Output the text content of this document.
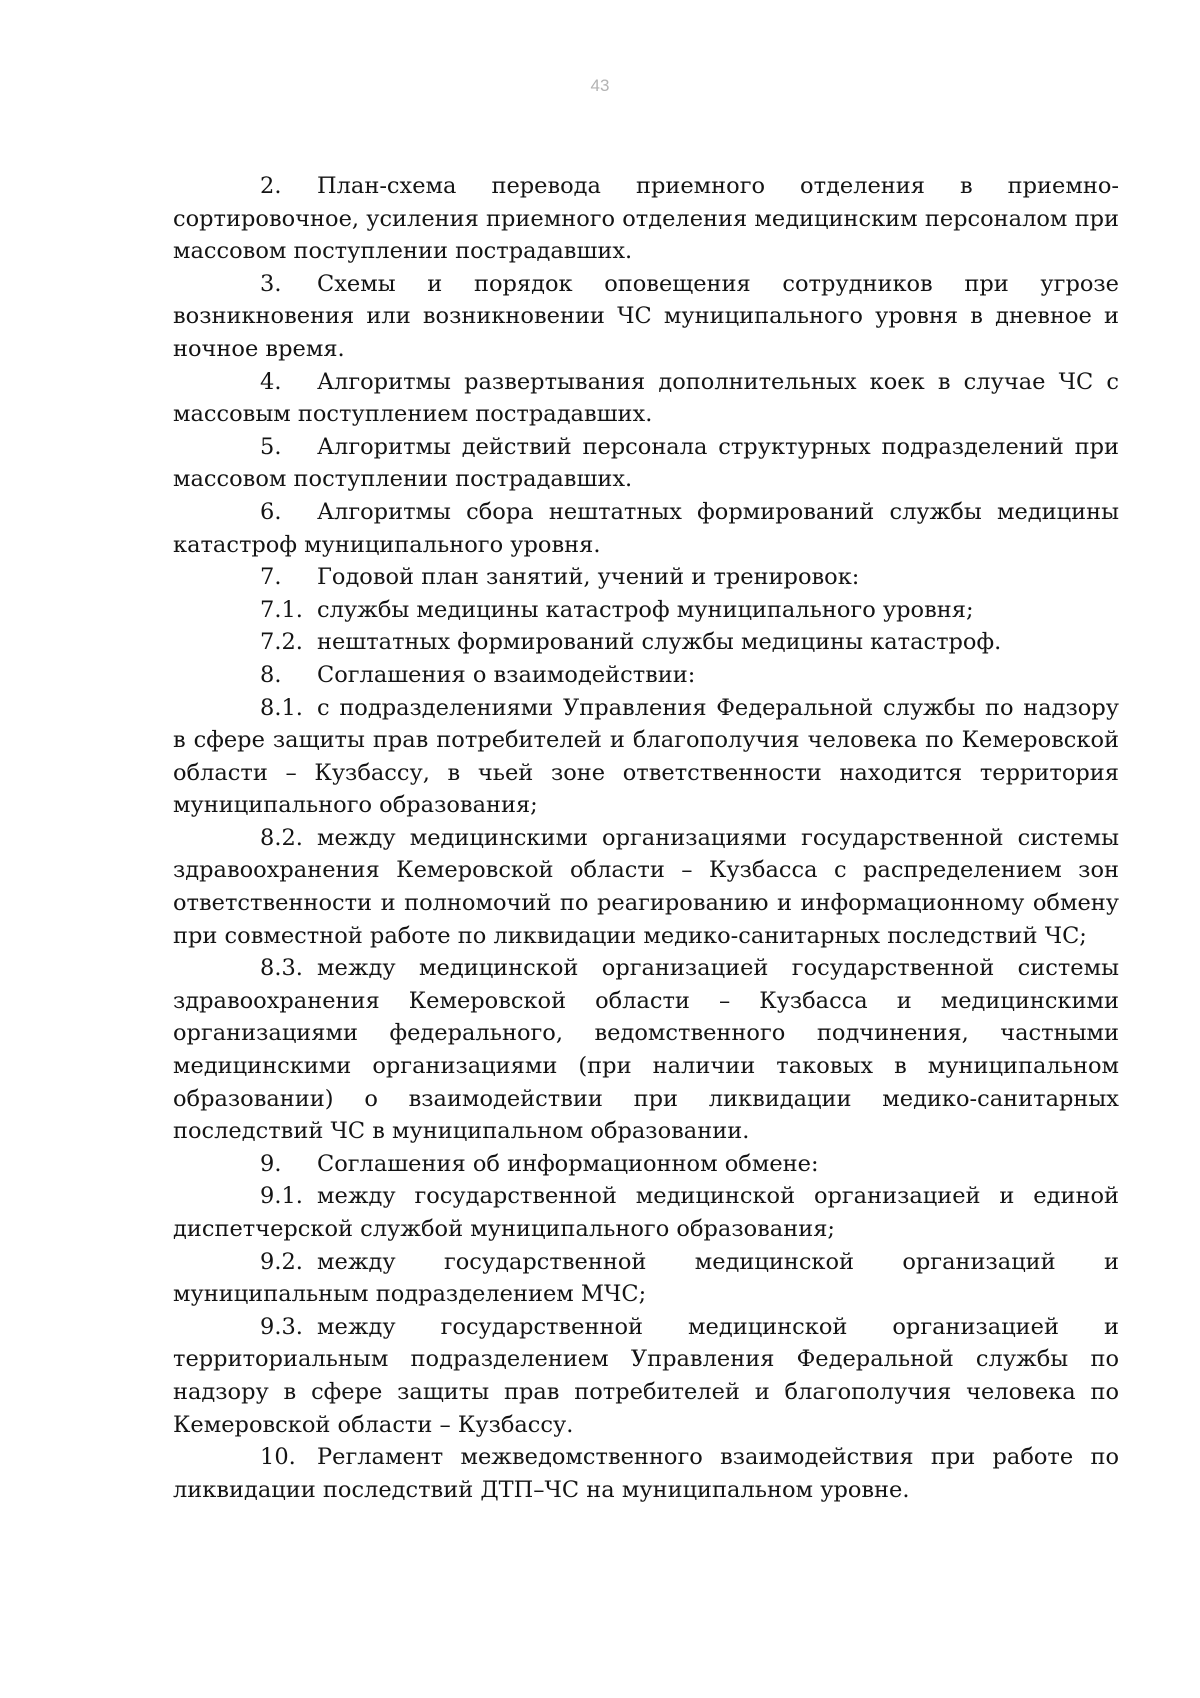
43

2. План-схема перевода приемного отделения в приемно-сортировочное, усиления приемного отделения медицинским персоналом при массовом поступлении пострадавших.

3. Схемы и порядок оповещения сотрудников при угрозе возникновения или возникновении ЧС муниципального уровня в дневное и ночное время.

4. Алгоритмы развертывания дополнительных коек в случае ЧС с массовым поступлением пострадавших.

5. Алгоритмы действий персонала структурных подразделений при массовом поступлении пострадавших.

6. Алгоритмы сбора нештатных формирований службы медицины катастроф муниципального уровня.

7. Годовой план занятий, учений и тренировок:

7.1. службы медицины катастроф муниципального уровня;

7.2. нештатных формирований службы медицины катастроф.

8. Соглашения о взаимодействии:

8.1. с подразделениями Управления Федеральной службы по надзору в сфере защиты прав потребителей и благополучия человека по Кемеровской области – Кузбассу, в чьей зоне ответственности находится территория муниципального образования;

8.2. между медицинскими организациями государственной системы здравоохранения Кемеровской области – Кузбасса с распределением зон ответственности и полномочий по реагированию и информационному обмену при совместной работе по ликвидации медико-санитарных последствий ЧС;

8.3. между медицинской организацией государственной системы здравоохранения Кемеровской области – Кузбасса и медицинскими организациями федерального, ведомственного подчинения, частными медицинскими организациями (при наличии таковых в муниципальном образовании) о взаимодействии при ликвидации медико-санитарных последствий ЧС в муниципальном образовании.

9. Соглашения об информационном обмене:

9.1. между государственной медицинской организацией и единой диспетчерской службой муниципального образования;

9.2. между государственной медицинской организаций и муниципальным подразделением МЧС;

9.3. между государственной медицинской организацией и территориальным подразделением Управления Федеральной службы по надзору в сфере защиты прав потребителей и благополучия человека по Кемеровской области – Кузбассу.

10. Регламент межведомственного взаимодействия при работе по ликвидации последствий ДТП–ЧС на муниципальном уровне.
